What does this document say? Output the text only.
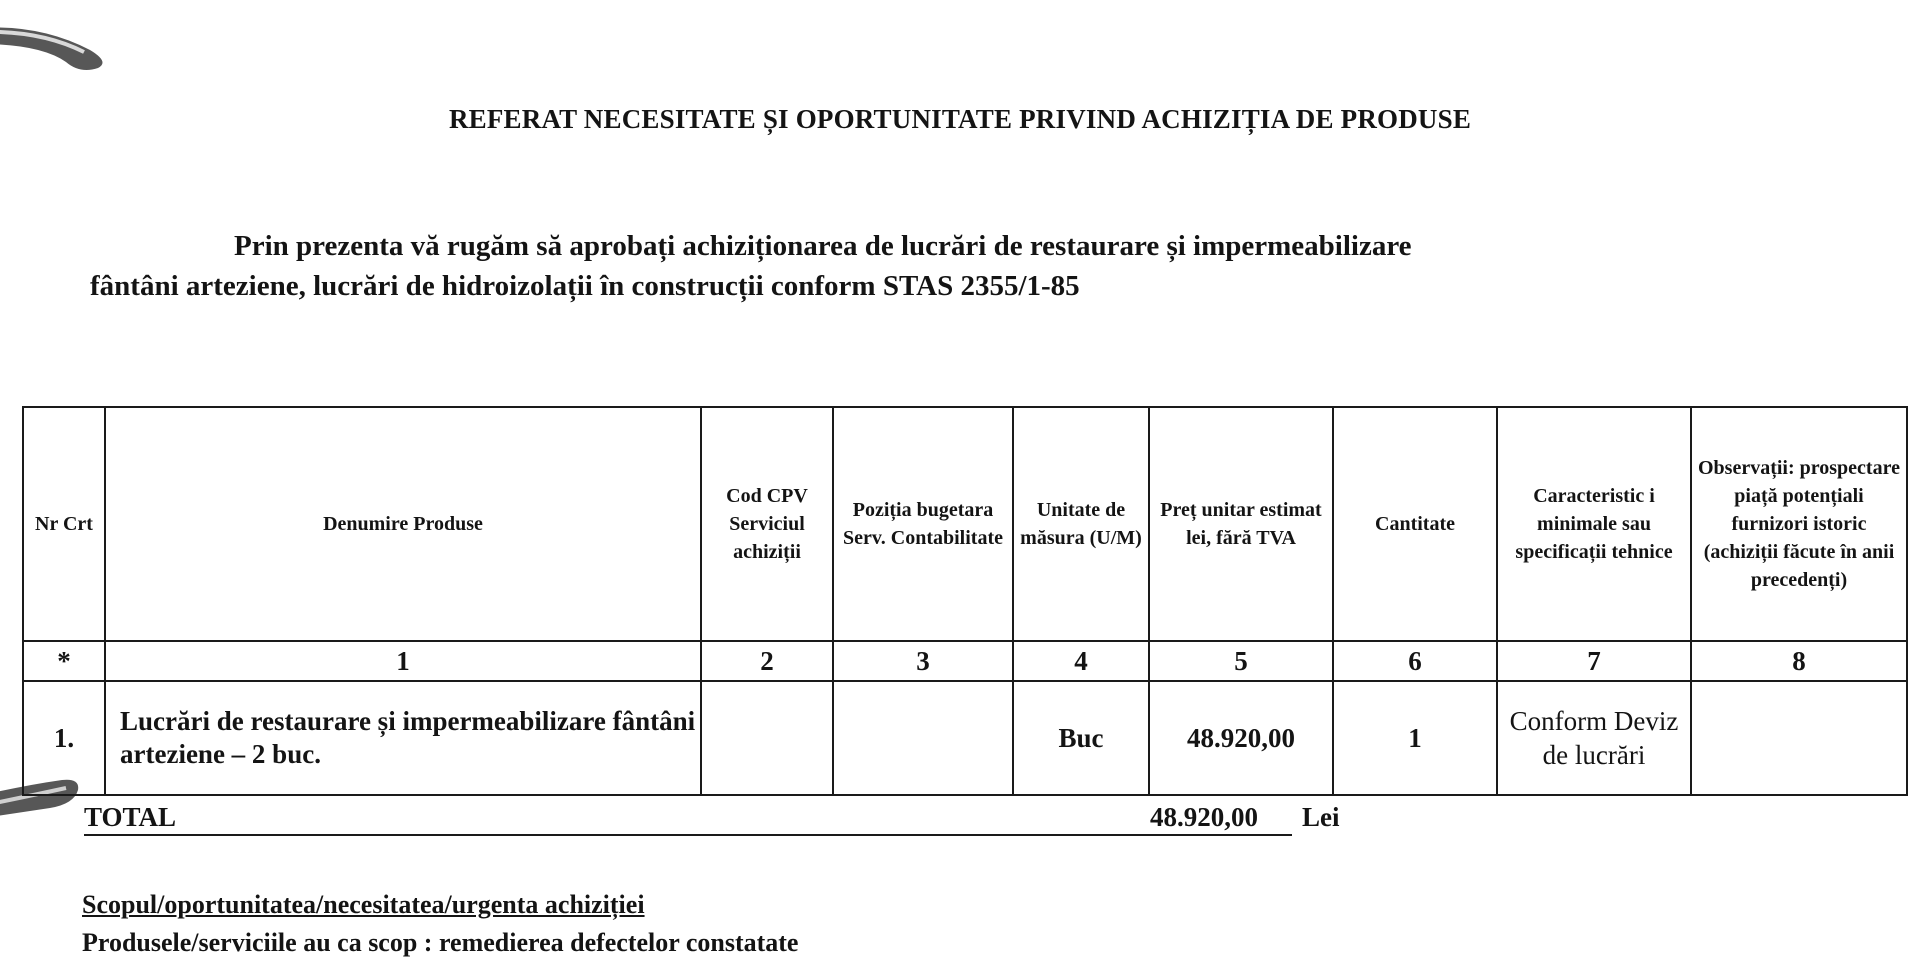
REFERAT NECESITATE ȘI OPORTUNITATE PRIVIND ACHIZIȚIA DE PRODUSE
Prin prezenta vă rugăm să aprobați achiziționarea de lucrări de restaurare și impermeabilizare
fântâni arteziene, lucrări de hidroizolații în construcții conform STAS 2355/1-85
Nr Crt	Denumire Produse	Cod CPV Serviciul achiziții	Poziția bugetara Serv. Contabilitate	Unitate de măsura (U/M)	Preț unitar estimat lei, fără TVA	Cantitate	Caracteristic i minimale sau specificații tehnice	Observații: prospectare piață potențiali furnizori istoric (achiziții făcute în anii precedenți)
*	1	2	3	4	5	6	7	8
1.	Lucrări de restaurare și impermeabilizare fântâni arteziene – 2 buc.			Buc	48.920,00	1	Conform Deviz de lucrări	
TOTAL	48.920,00 Lei
Scopul/oportunitatea/necesitatea/urgenta achiziției
Produsele/serviciile au ca scop : remedierea defectelor constatate
